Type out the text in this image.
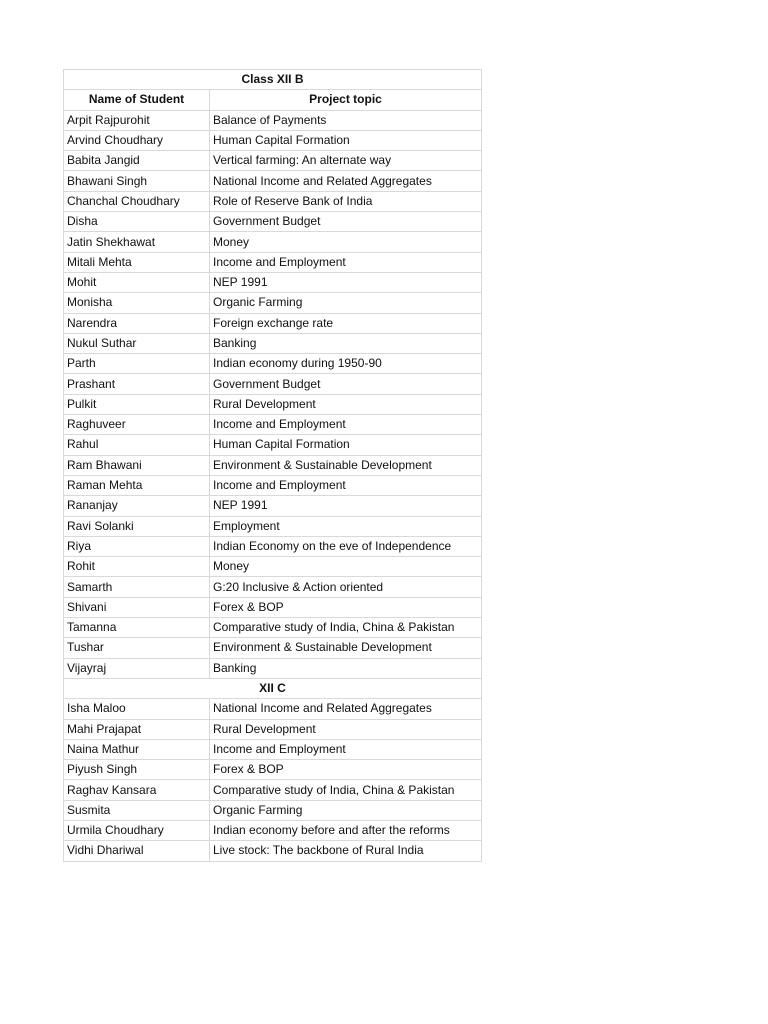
Class XII B	
Name of Student	Project topic
Arpit Rajpurohit	Balance of Payments
Arvind Choudhary	Human Capital Formation
Babita Jangid	Vertical farming: An alternate way
Bhawani Singh	National Income and Related Aggregates
Chanchal Choudhary	Role of Reserve Bank of India
Disha	Government Budget
Jatin Shekhawat	Money
Mitali Mehta	Income and Employment
Mohit	NEP 1991
Monisha	Organic Farming
Narendra	Foreign exchange rate
Nukul Suthar	Banking
Parth	Indian economy during 1950-90
Prashant	Government Budget
Pulkit	Rural Development
Raghuveer	Income and Employment
Rahul	Human Capital Formation
Ram Bhawani	Environment & Sustainable Development
Raman Mehta	Income and Employment
Rananjay	NEP 1991
Ravi Solanki	Employment
Riya	Indian Economy on the eve of Independence
Rohit	Money
Samarth	G:20 Inclusive & Action oriented
Shivani	Forex & BOP
Tamanna	Comparative study of India, China & Pakistan
Tushar	Environment & Sustainable Development
Vijayraj	Banking
XII C	
Isha Maloo	National Income and Related Aggregates
Mahi Prajapat	Rural Development
Naina Mathur	Income and Employment
Piyush Singh	Forex & BOP
Raghav Kansara	Comparative study of India, China & Pakistan
Susmita	Organic Farming
Urmila Choudhary	Indian economy before and after the reforms
Vidhi Dhariwal	Live stock: The backbone of Rural India
